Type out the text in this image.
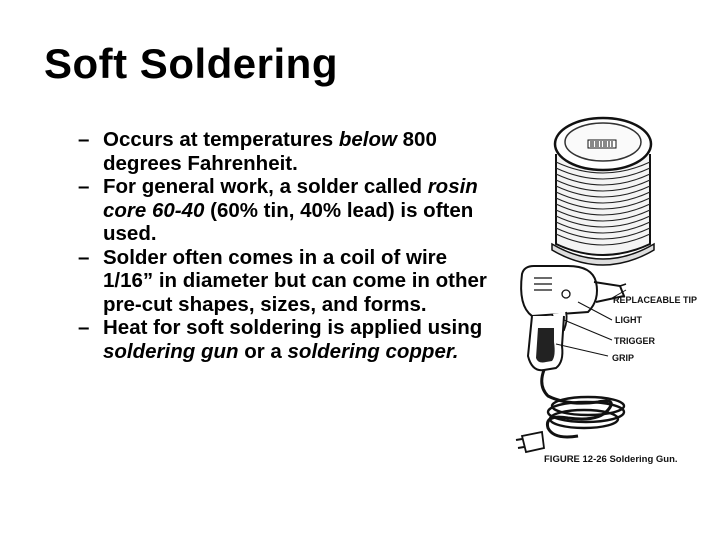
Soft Soldering
– Occurs at temperatures below 800 degrees Fahrenheit.
– For general work, a solder called rosin core 60-40 (60% tin, 40% lead) is often used.
– Solder often comes in a coil of wire 1/16” in diameter but can come in other pre-cut shapes, sizes, and forms.
– Heat for soft soldering is applied using soldering gun or a soldering copper.
REPLACEABLE TIP
LIGHT
TRIGGER
GRIP
FIGURE 12-26 Soldering Gun.
